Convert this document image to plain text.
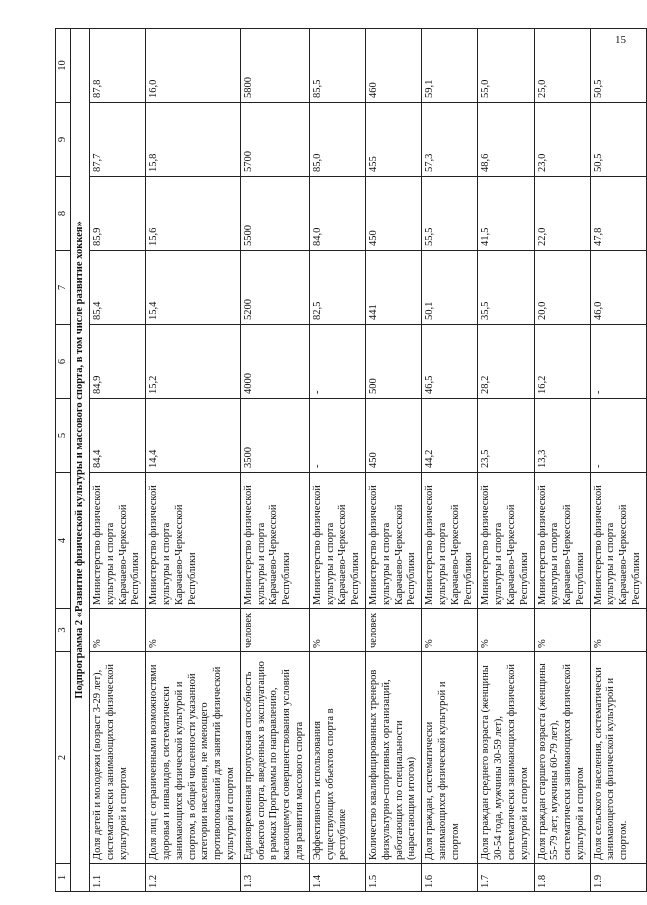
15
1	2	3	4	5	6	7	8	9	10
Подпрограмма 2 «Развитие физической культуры и массового спорта, в том числе развитие хоккея»									
1.1	Доля детей и молодежи (возраст 3-29 лет), систематически занимающихся физической культурой и спортом	%	Министерство физической культуры и спорта Карачаево-Черкесской Республики	84,4	84,9	85,4	85,9	87,7	87,8
1.2	Доля лиц с ограниченными возможностями здоровья и инвалидов, систематически занимающихся физической культурой и спортом, в общей численности указанной категории населения, не имеющего противопоказаний для занятий физической культурой и спортом	%	Министерство физической культуры и спорта Карачаево-Черкесской Республики	14,4	15,2	15,4	15,6	15,8	16,0
1.3	Единовременная пропускная способность объектов спорта, введенных в эксплуатацию в рамках Программы по направлению, касающемуся совершенствования условий для развития массового спорта	человек	Министерство физической культуры и спорта Карачаево-Черкесской Республики	3500	4000	5200	5500	5700	5800
1.4	Эффективность использования существующих объектов спорта в республике	%	Министерство физической культуры и спорта Карачаево-Черкесской Республики	-	-	82,5	84,0	85,0	85,5
1.5	Количество квалифицированных тренеров физкультурно-спортивных организаций, работающих по специальности (нарастающим итогом)	человек	Министерство физической культуры и спорта Карачаево-Черкесской Республики	450	500	441	450	455	460
1.6	Доля граждан, систематически занимающихся физической культурой и спортом	%	Министерство физической культуры и спорта Карачаево-Черкесской Республики	44,2	46,5	50,1	55,5	57,3	59,1
1.7	Доля граждан среднего возраста (женщины 30-54 года, мужчины 30-59 лет), систематически занимающихся физической культурой и спортом	%	Министерство физической культуры и спорта Карачаево-Черкесской Республики	23,5	28,2	35,5	41,5	48,6	55,0
1.8	Доля граждан старшего возраста (женщины 55-79 лет; мужчины 60-79 лет), систематически занимающихся физической культурой и спортом	%	Министерство физической культуры и спорта Карачаево-Черкесской Республики	13,3	16,2	20,0	22,0	23,0	25,0
1.9	Доля сельского населения, систематически занимающегося физической культурой и спортом.	%	Министерство физической культуры и спорта Карачаево-Черкесской Республики	-	-	46,0	47,8	50,5	50,5
